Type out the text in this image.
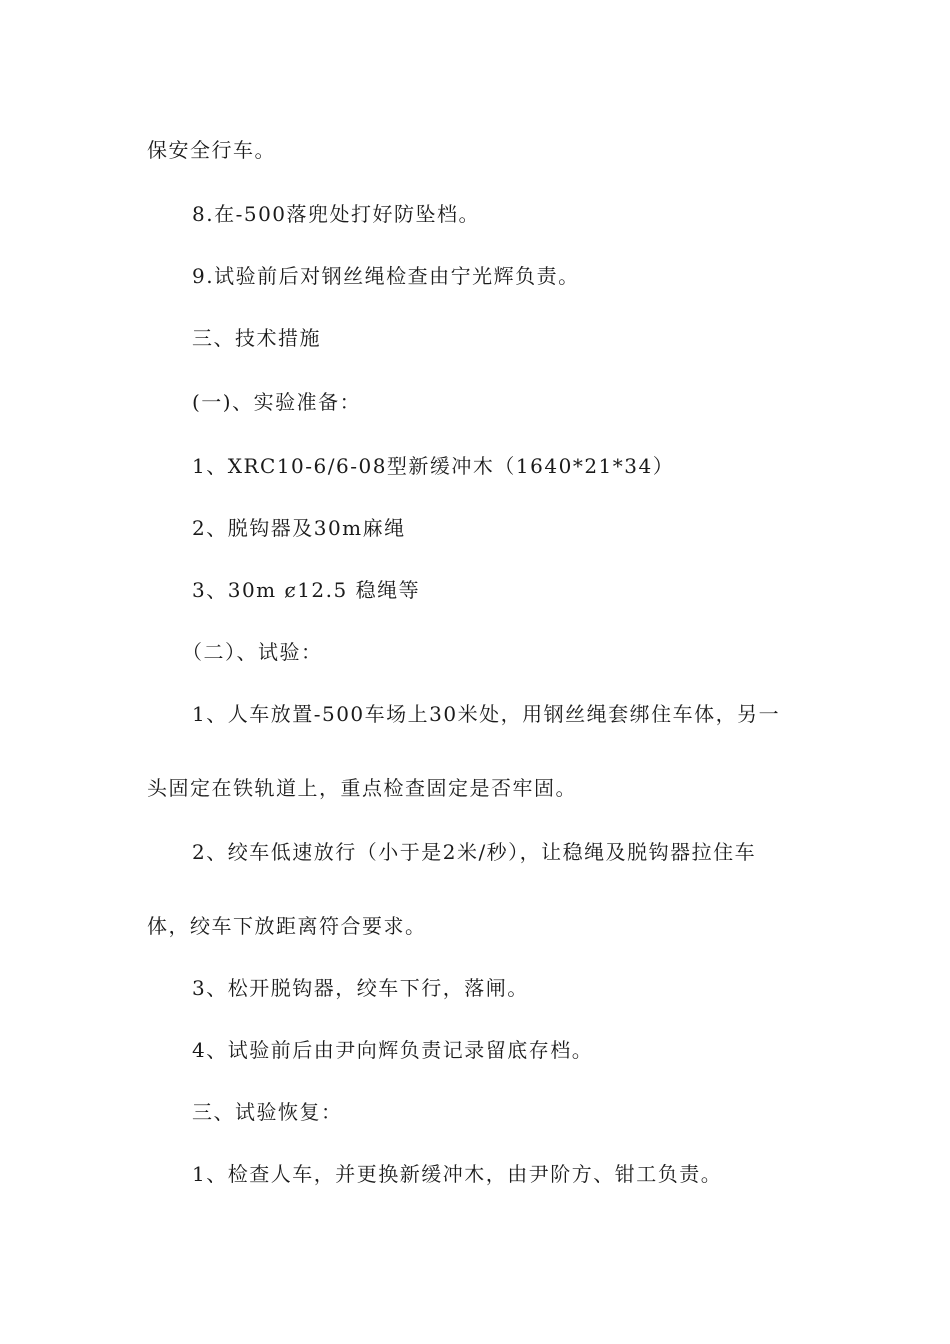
保安全行车。
8.在-500落兜处打好防坠档。
9.试验前后对钢丝绳检查由宁光辉负责。
三、技术措施
(一)、实验准备：
1、XRC10-6/6-08型新缓冲木（1640*21*34）
2、脱钩器及30m麻绳
3、30m ȼ12.5 稳绳等
（二）、试验：
1、人车放置-500车场上30米处，用钢丝绳套绑住车体，另一
头固定在铁轨道上，重点检查固定是否牢固。
2、绞车低速放行（小于是2米/秒），让稳绳及脱钩器拉住车
体，绞车下放距离符合要求。
3、松开脱钩器，绞车下行，落闸。
4、试验前后由尹向辉负责记录留底存档。
三、试验恢复：
1、检查人车，并更换新缓冲木，由尹阶方、钳工负责。
